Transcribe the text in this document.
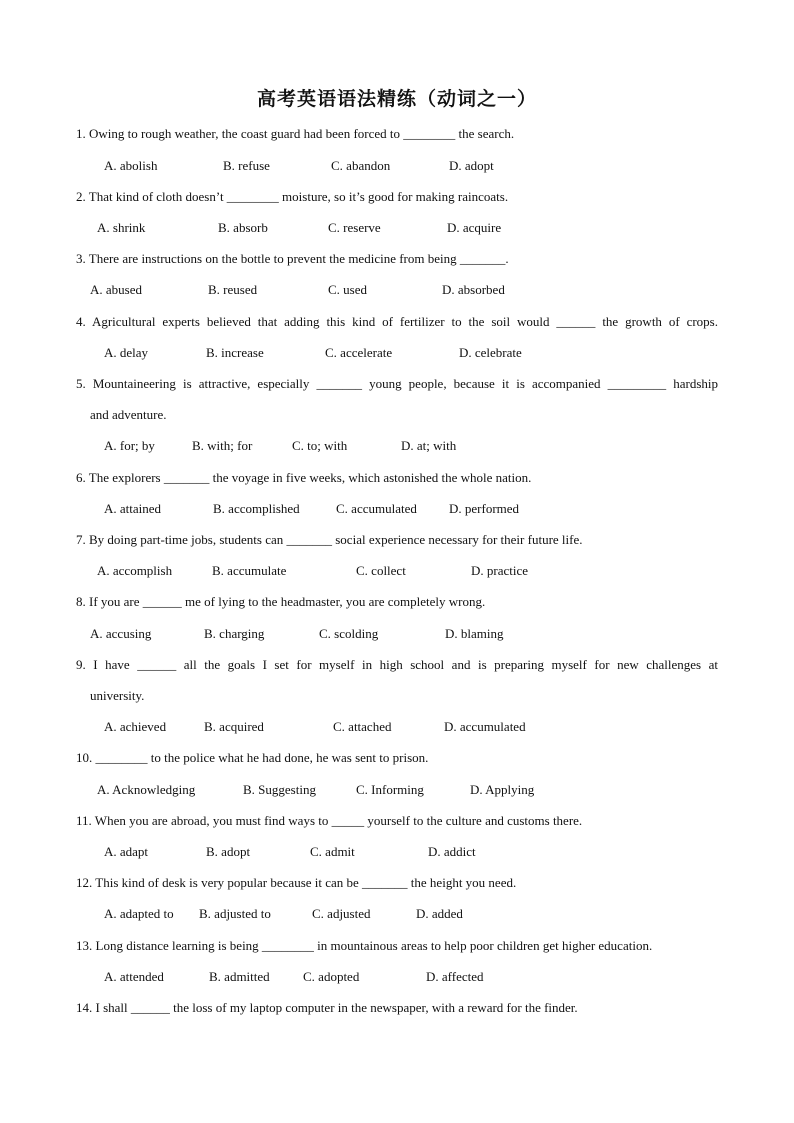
高考英语语法精练（动词之一）
1. Owing to rough weather, the coast guard had been forced to ________ the search.
A. abolish	B. refuse	C. abandon	D. adopt
2. That kind of cloth doesn’t ________ moisture, so it’s good for making raincoats.
A. shrink	B. absorb	C. reserve	D. acquire
3. There are instructions on the bottle to prevent the medicine from being _______.
A. abused	B. reused	C. used	D. absorbed
4. Agricultural experts believed that adding this kind of fertilizer to the soil would ______ the growth of crops.
A. delay	B. increase	C. accelerate	D. celebrate
5. Mountaineering is attractive, especially _______ young people, because it is accompanied _________ hardship
and adventure.
A. for; by	B. with; for	C. to; with	D. at; with
6. The explorers _______ the voyage in five weeks, which astonished the whole nation.
A. attained	B. accomplished	C. accumulated D. performed
7. By doing part-time jobs, students can _______ social experience necessary for their future life.
A. accomplish	B. accumulate	C. collect	D. practice
8. If you are ______ me of lying to the headmaster, you are completely wrong.
A. accusing	B. charging	C. scolding	D. blaming
9. I have ______ all the goals I set for myself in high school and is preparing myself for new challenges at
university.
A. achieved	B. acquired	C. attached	D. accumulated
10. ________ to the police what he had done, he was sent to prison.
A. Acknowledging	B. Suggesting	C. Informing	D. Applying
11. When you are abroad, you must find ways to _____ yourself to the culture and customs there.
A. adapt	B. adopt	C. admit	D. addict
12. This kind of desk is very popular because it can be _______ the height you need.
A. adapted to B. adjusted to	C. adjusted	D. added
13. Long distance learning is being ________ in mountainous areas to help poor children get higher education.
A. attended	B. admitted	C. adopted	D. affected
14. I shall ______ the loss of my laptop computer in the newspaper, with a reward for the finder.
